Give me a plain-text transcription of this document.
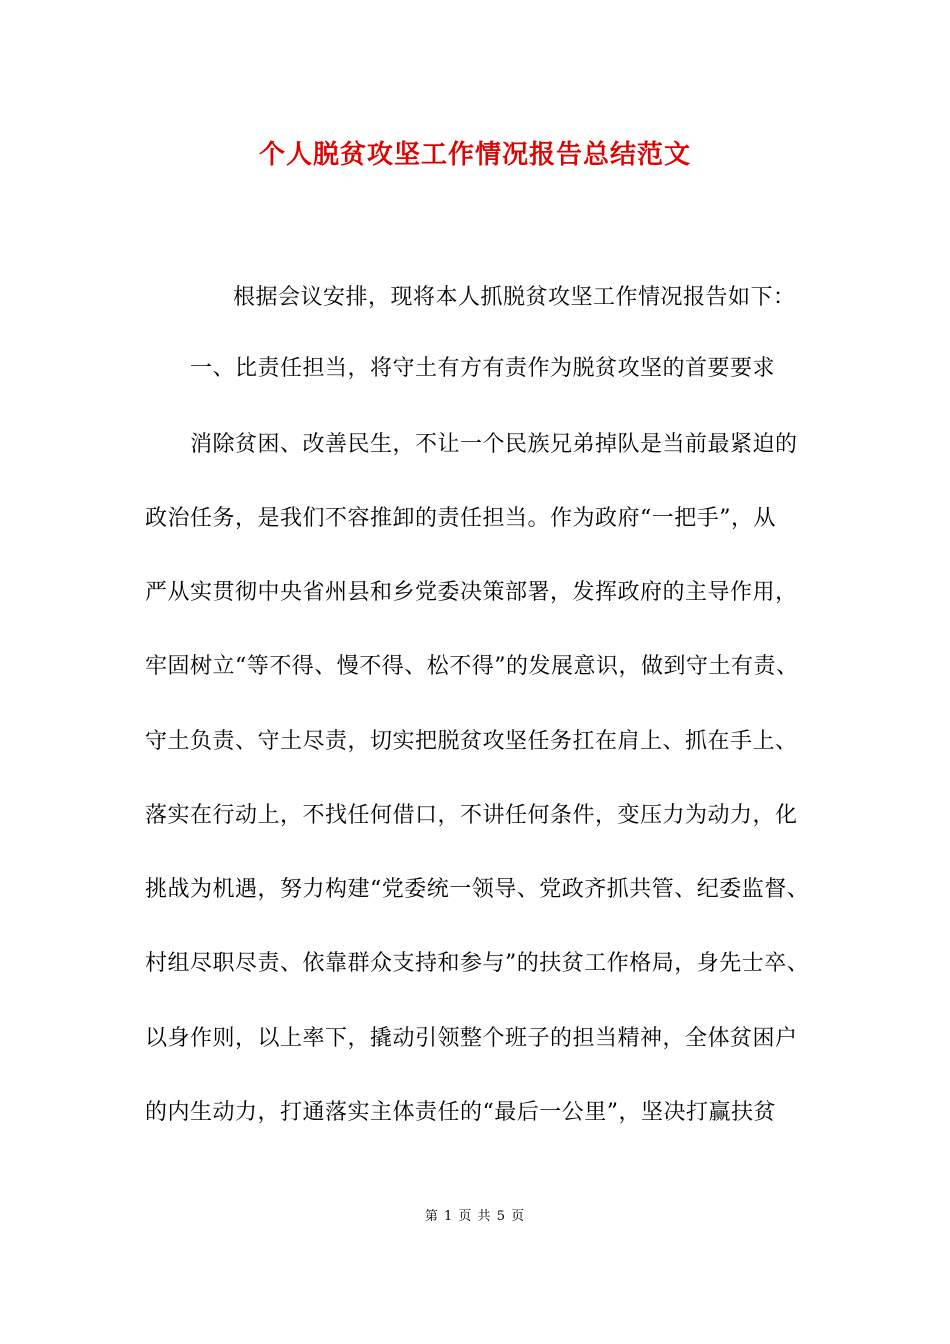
个人脱贫攻坚工作情况报告总结范文
根据会议安排，现将本人抓脱贫攻坚工作情况报告如下：
一、比责任担当，将守土有方有责作为脱贫攻坚的首要要求
消除贫困、改善民生，不让一个民族兄弟掉队是当前最紧迫的
政治任务，是我们不容推卸的责任担当。作为政府“一把手”，从
严从实贯彻中央省州县和乡党委决策部署，发挥政府的主导作用，
牢固树立“等不得、慢不得、松不得”的发展意识，做到守土有责、
守土负责、守土尽责，切实把脱贫攻坚任务扛在肩上、抓在手上、
落实在行动上，不找任何借口，不讲任何条件，变压力为动力，化
挑战为机遇，努力构建“党委统一领导、党政齐抓共管、纪委监督、
村组尽职尽责、依靠群众支持和参与”的扶贫工作格局，身先士卒、
以身作则，以上率下，撬动引领整个班子的担当精神，全体贫困户
的内生动力，打通落实主体责任的“最后一公里”，坚决打赢扶贫
第 1 页 共 5 页
